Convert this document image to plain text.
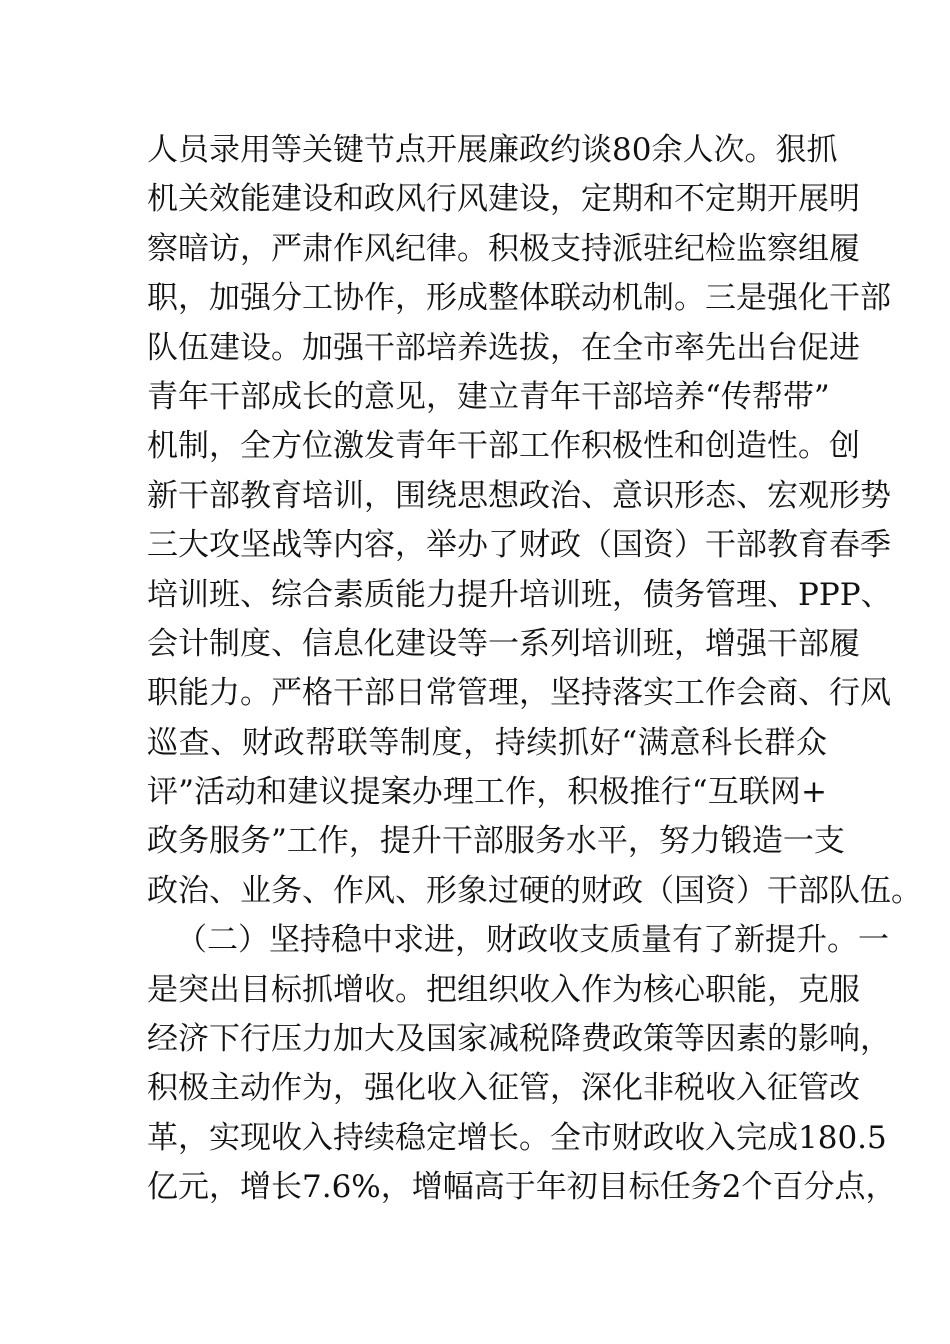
人员录用等关键节点开展廉政约谈80余人次。狠抓
机关效能建设和政风行风建设，定期和不定期开展明
察暗访，严肃作风纪律。积极支持派驻纪检监察组履
职，加强分工协作，形成整体联动机制。三是强化干部
队伍建设。加强干部培养选拔，在全市率先出台促进
青年干部成长的意见，建立青年干部培养“传帮带”
机制，全方位激发青年干部工作积极性和创造性。创
新干部教育培训，围绕思想政治、意识形态、宏观形势
三大攻坚战等内容，举办了财政（国资）干部教育春季
培训班、综合素质能力提升培训班，债务管理、PPP、
会计制度、信息化建设等一系列培训班，增强干部履
职能力。严格干部日常管理，坚持落实工作会商、行风
巡查、财政帮联等制度，持续抓好“满意科长群众
评”活动和建议提案办理工作，积极推行“互联网+
政务服务”工作，提升干部服务水平，努力锻造一支
政治、业务、作风、形象过硬的财政（国资）干部队伍。
（二）坚持稳中求进，财政收支质量有了新提升。一
是突出目标抓增收。把组织收入作为核心职能，克服
经济下行压力加大及国家减税降费政策等因素的影响，
积极主动作为，强化收入征管，深化非税收入征管改
革，实现收入持续稳定增长。全市财政收入完成180.5
亿元，增长7.6%，增幅高于年初目标任务2个百分点，
